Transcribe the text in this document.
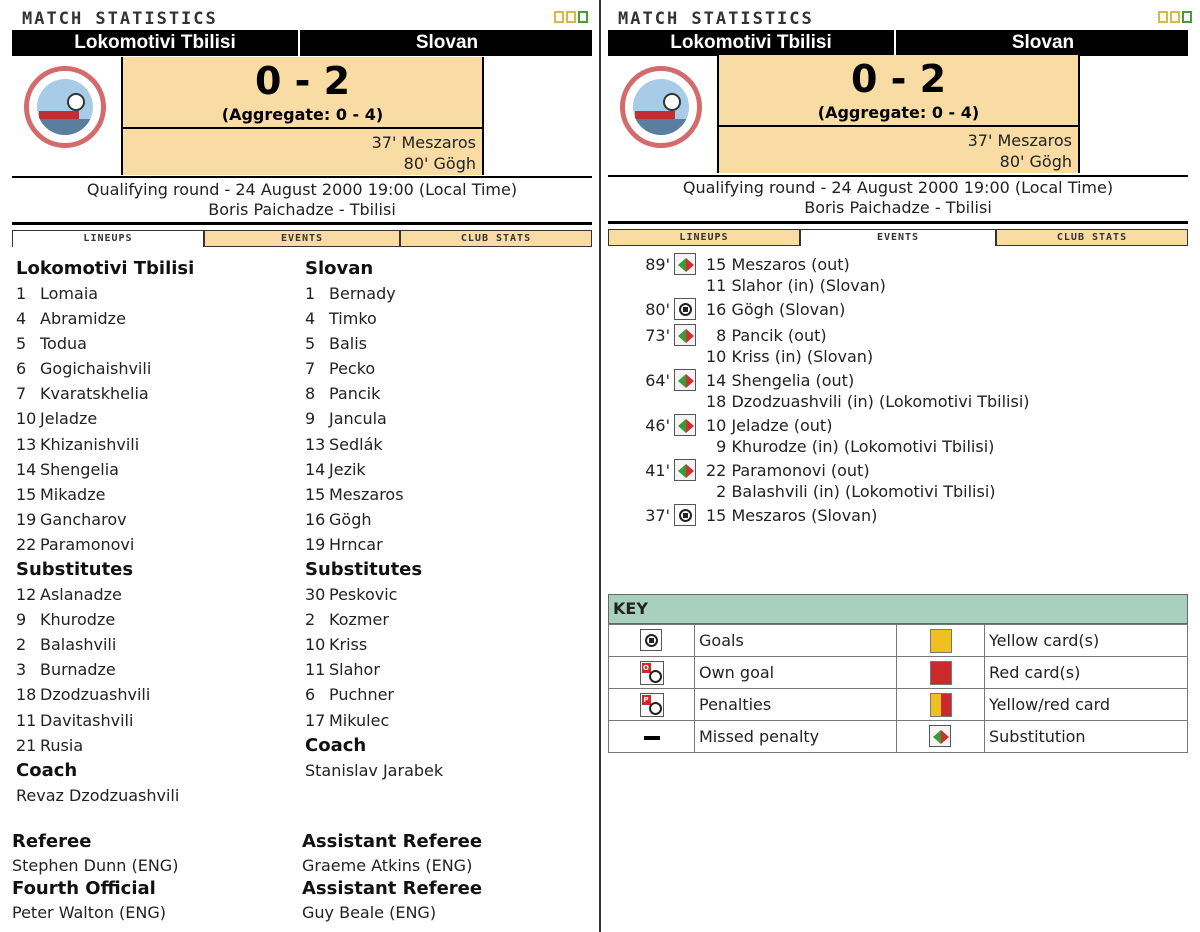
MATCH STATISTICS
Lokomotivi Tbilisi	Slovan
0 - 2
(Aggregate: 0 - 4)
37' Meszaros
80' Gögh
Qualifying round - 24 August 2000 19:00 (Local Time)
Boris Paichadze - Tbilisi
LINEUPS	EVENTS	CLUB STATS
Lokomotivi Tbilisi
1 Lomaia
4 Abramidze
5 Todua
6 Gogichaishvili
7 Kvaratskhelia
10 Jeladze
13 Khizanishvili
14 Shengelia
15 Mikadze
19 Gancharov
22 Paramonovi
Substitutes
12 Aslanadze
9 Khurodze
2 Balashvili
3 Burnadze
18 Dzodzuashvili
11 Davitashvili
21 Rusia
Coach
Revaz Dzodzuashvili
Slovan
1 Bernady
4 Timko
5 Balis
7 Pecko
8 Pancik
9 Jancula
13 Sedlák
14 Jezik
15 Meszaros
16 Gögh
19 Hrncar
Substitutes
30 Peskovic
2 Kozmer
10 Kriss
11 Slahor
6 Puchner
17 Mikulec
Coach
Stanislav Jarabek
Referee
Stephen Dunn (ENG)
Fourth Official
Peter Walton (ENG)
Assistant Referee
Graeme Atkins (ENG)
Assistant Referee
Guy Beale (ENG)
MATCH STATISTICS
Lokomotivi Tbilisi	Slovan
0 - 2
(Aggregate: 0 - 4)
37' Meszaros
80' Gögh
Qualifying round - 24 August 2000 19:00 (Local Time)
Boris Paichadze - Tbilisi
LINEUPS	EVENTS	CLUB STATS
89' 15 Meszaros (out)
11 Slahor (in) (Slovan)
80' 16 Gögh (Slovan)
73' 8 Pancik (out)
10 Kriss (in) (Slovan)
64' 14 Shengelia (out)
18 Dzodzuashvili (in) (Lokomotivi Tbilisi)
46' 10 Jeladze (out)
9 Khurodze (in) (Lokomotivi Tbilisi)
41' 22 Paramonovi (out)
2 Balashvili (in) (Lokomotivi Tbilisi)
37' 15 Meszaros (Slovan)
KEY
	Goals		Yellow card(s)

O	Own goal		Red card(s)

P	Penalties		Yellow/red card
	Missed penalty		Substitution
